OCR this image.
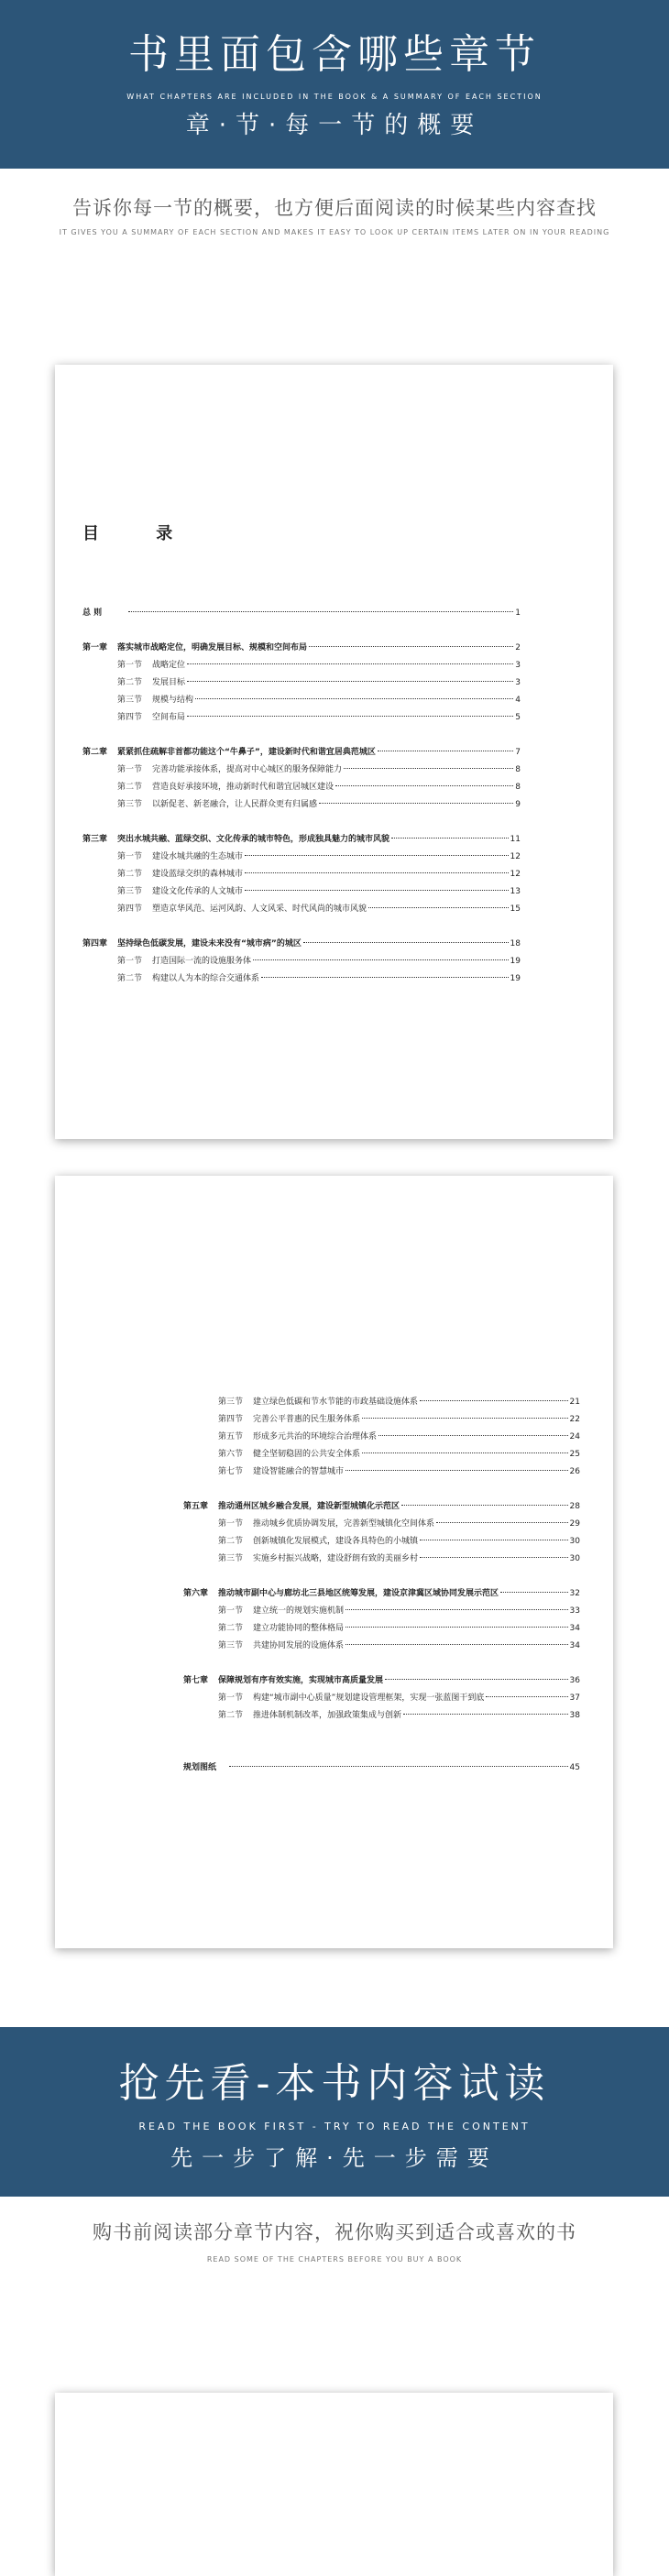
书里面包含哪些章节
WHAT CHAPTERS ARE INCLUDED IN THE BOOK & A SUMMARY OF EACH SECTION
章·节·每一节的概要
告诉你每一节的概要，也方便后面阅读的时候某些内容查找
IT GIVES YOU A SUMMARY OF EACH SECTION AND MAKES IT EASY TO LOOK UP CERTAIN ITEMS LATER ON IN YOUR READING
目 录
总 则	1
第一章	落实城市战略定位，明确发展目标、规模和空间布局	2
第一节	战略定位	3
第二节	发展目标	3
第三节	规模与结构	4
第四节	空间布局	5
第二章	紧紧抓住疏解非首都功能这个“牛鼻子”，建设新时代和谐宜居典范城区	7
第一节	完善功能承接体系，提高对中心城区的服务保障能力	8
第二节	营造良好承接环境，推动新时代和谐宜居城区建设	8
第三节	以新促老、新老融合，让人民群众更有归属感	9
第三章	突出水城共融、蓝绿交织、文化传承的城市特色，形成独具魅力的城市风貌	11
第一节	建设水城共融的生态城市	12
第二节	建设蓝绿交织的森林城市	12
第三节	建设文化传承的人文城市	13
第四节	塑造京华风范、运河风韵、人文风采、时代风尚的城市风貌	15
第四章	坚持绿色低碳发展，建设未来没有“城市病”的城区	18
第一节	打造国际一流的设施服务体	19
第二节	构建以人为本的综合交通体系	19
第三节	建立绿色低碳和节水节能的市政基础设施体系	21
第四节	完善公平普惠的民生服务体系	22
第五节	形成多元共治的环境综合治理体系	24
第六节	健全坚韧稳固的公共安全体系	25
第七节	建设智能融合的智慧城市	26
第五章	推动通州区城乡融合发展，建设新型城镇化示范区	28
第一节	推动城乡优质协调发展，完善新型城镇化空间体系	29
第二节	创新城镇化发展模式，建设各具特色的小城镇	30
第三节	实施乡村振兴战略，建设舒朗有致的美丽乡村	30
第六章	推动城市副中心与廊坊北三县地区统筹发展，建设京津冀区域协同发展示范区	32
第一节	建立统一的规划实施机制	33
第二节	建立功能协同的整体格局	34
第三节	共建协同发展的设施体系	34
第七章	保障规划有序有效实施，实现城市高质量发展	36
第一节	构建“城市副中心质量”规划建设管理框架，实现一张蓝图干到底	37
第二节	推进体制机制改革，加强政策集成与创新	38
规划图纸	45
抢先看-本书内容试读
READ THE BOOK FIRST - TRY TO READ THE CONTENT
先一步了解·先一步需要
购书前阅读部分章节内容，祝你购买到适合或喜欢的书
READ SOME OF THE CHAPTERS BEFORE YOU BUY A BOOK
